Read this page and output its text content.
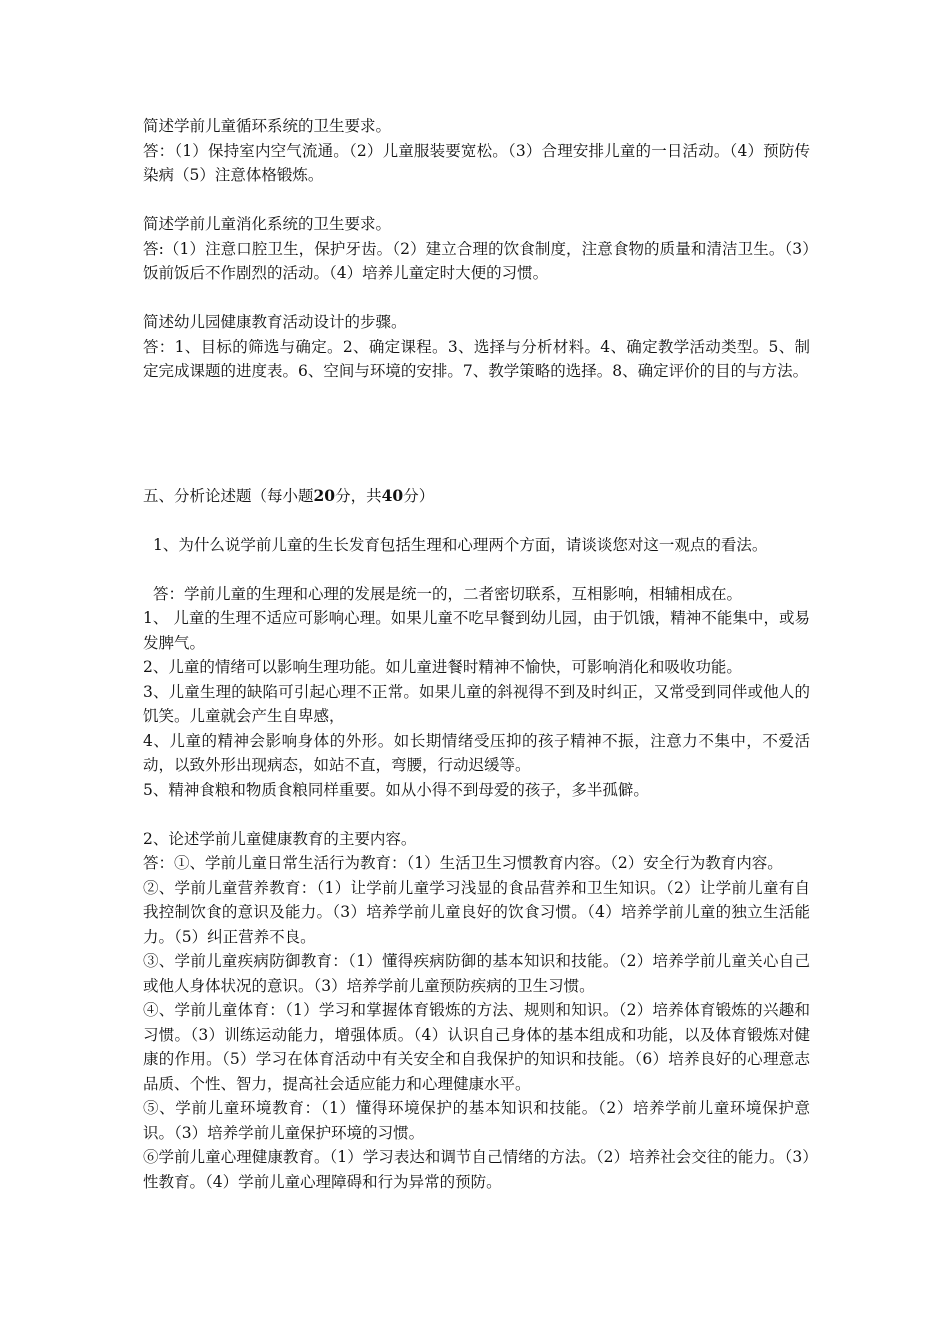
简述学前儿童循环系统的卫生要求。

答：（1）保持室内空气流通。（2）儿童服装要宽松。（3）合理安排儿童的一日活动。（4）预防传染病（5）注意体格锻炼。

简述学前儿童消化系统的卫生要求。

答:（1）注意口腔卫生，保护牙齿。（2）建立合理的饮食制度，注意食物的质量和清洁卫生。（3）饭前饭后不作剧烈的活动。（4）培养儿童定时大便的习惯。

简述幼儿园健康教育活动设计的步骤。

答：1、目标的筛选与确定。2、确定课程。3、选择与分析材料。4、确定教学活动类型。5、制定完成课题的进度表。6、空间与环境的安排。7、教学策略的选择。8、确定评价的目的与方法。

五、分析论述题（每小题20分，共40分）

1、为什么说学前儿童的生长发育包括生理和心理两个方面，请谈谈您对这一观点的看法。

答：学前儿童的生理和心理的发展是统一的，二者密切联系，互相影响，相辅相成在。

1、 儿童的生理不适应可影响心理。如果儿童不吃早餐到幼儿园，由于饥饿，精神不能集中，或易发脾气。

2、儿童的情绪可以影响生理功能。如儿童进餐时精神不愉快，可影响消化和吸收功能。

3、儿童生理的缺陷可引起心理不正常。如果儿童的斜视得不到及时纠正，又常受到同伴或他人的饥笑。儿童就会产生自卑感，

4、儿童的精神会影响身体的外形。如长期情绪受压抑的孩子精神不振，注意力不集中，不爱活动，以致外形出现病态，如站不直，弯腰，行动迟缓等。

5、精神食粮和物质食粮同样重要。如从小得不到母爱的孩子，多半孤僻。

2、论述学前儿童健康教育的主要内容。

答：①、学前儿童日常生活行为教育：（1）生活卫生习惯教育内容。（2）安全行为教育内容。

②、学前儿童营养教育：（1）让学前儿童学习浅显的食品营养和卫生知识。（2）让学前儿童有自我控制饮食的意识及能力。（3）培养学前儿童良好的饮食习惯。（4）培养学前儿童的独立生活能力。（5）纠正营养不良。

③、学前儿童疾病防御教育：（1）懂得疾病防御的基本知识和技能。（2）培养学前儿童关心自己或他人身体状况的意识。（3）培养学前儿童预防疾病的卫生习惯。

④、学前儿童体育：（1）学习和掌握体育锻炼的方法、规则和知识。（2）培养体育锻炼的兴趣和习惯。（3）训练运动能力，增强体质。（4）认识自己身体的基本组成和功能，以及体育锻炼对健康的作用。（5）学习在体育活动中有关安全和自我保护的知识和技能。（6）培养良好的心理意志品质、个性、智力，提高社会适应能力和心理健康水平。

⑤、学前儿童环境教育：（1）懂得环境保护的基本知识和技能。（2）培养学前儿童环境保护意识。（3）培养学前儿童保护环境的习惯。

⑥学前儿童心理健康教育。（1）学习表达和调节自己情绪的方法。（2）培养社会交往的能力。（3）性教育。（4）学前儿童心理障碍和行为异常的预防。
